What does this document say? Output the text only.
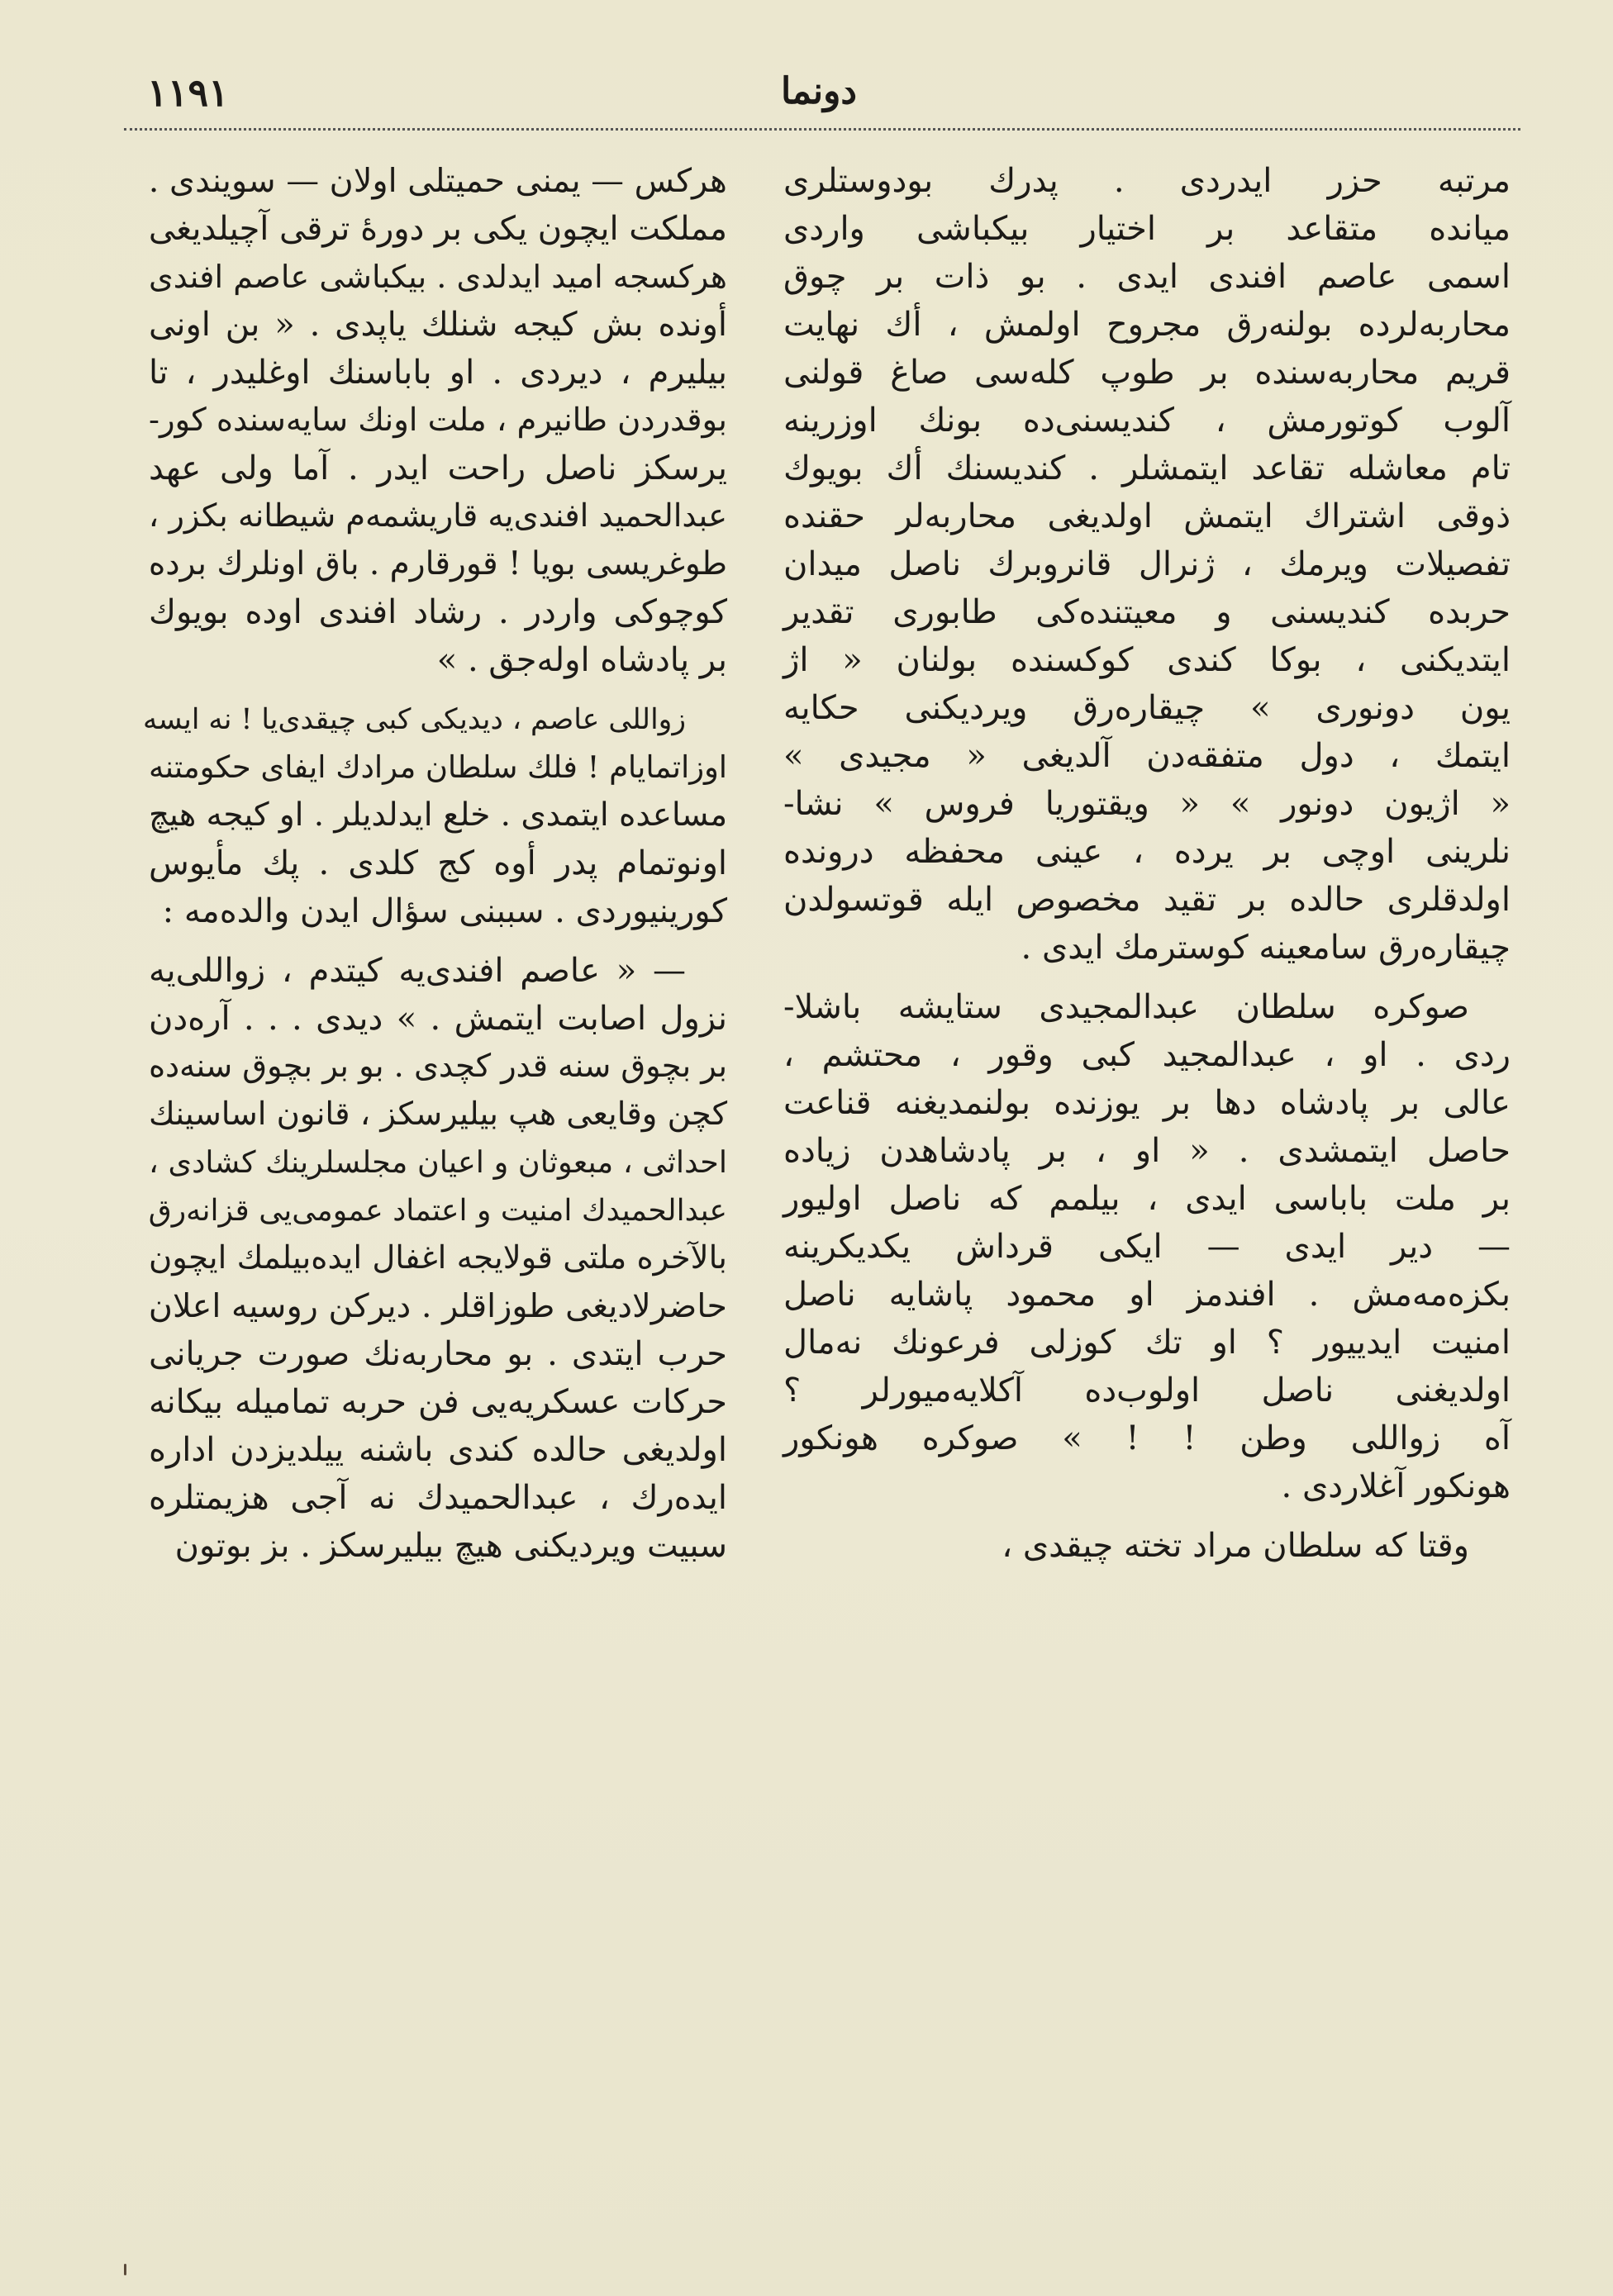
١١٩١	دونما
مرتبه حزر ایدردی . پدرك بودوستلری
میانده متقاعد بر اختیار بیکباشی واردی
اسمی عاصم افندی ایدی . بو ذات بر چوق
محاربه‌لرده بولنه‌رق مجروح اولمش ، أك نهایت
قریم محاربه‌سنده بر طوپ کله‌سی صاغ قولنی
آلوب کوتورمش ، کندیسنی‌ده بونك اوزرینه
تام معاشله تقاعد ایتمشلر . کندیسنك أك بویوك
ذوقی اشتراك ایتمش اولدیغی محاربه‌لر حقنده
تفصیلات ویرمك ، ژنرال قانروبرك ناصل میدان
حربده کندیسنی و معیتنده‌کی طابوری تقدیر
ایتدیکنی ، بوکا کندی کوکسنده بولنان « اژ
یون دونوری » چیقاره‌رق ویردیکنی حکایه
ایتمك ، دول متفقه‌دن آلدیغی « مجیدی »
« اژیون دونور » « ویقتوریا فروس » نشا-
نلرینی اوچی بر یرده ، عینی محفظه درونده
اولدقلری حالده بر تقید مخصوص ایله قوتسولدن
چیقاره‌رق سامعینه کوسترمك ایدی .
صوکره سلطان عبدالمجیدی ستایشه باشلا-
ردی . او ، عبدالمجید کبی وقور ، محتشم ،
عالی بر پادشاه دها بر یوزنده بولنمدیغنه قناعت
حاصل ایتمشدی . « او ، بر پادشاهدن زیاده
بر ملت باباسی ایدی ، بیلمم که ناصل اولیور
— دیر ایدی — ایکی قرداش یکدیکرینه
بکزه‌مه‌مش . افندمز او محمود پاشایه ناصل
امنیت ایدییور ؟ او تك کوزلی فرعونك نه‌مال
اولدیغنی ناصل اولوب‌ده آکلایه‌میورلر ؟
آه زواللی وطن ! ! » صوکره هونکور
هونکور آغلاردی .
وقتا که سلطان مراد تخته چیقدی ،
هرکس — یمنی حمیتلی اولان — سویندی .
مملکت ایچون یکی بر دورهٔ ترقی آچیلدیغی
هرکسجه امید ایدلدی . بیکباشی عاصم افندی
أونده بش کیجه شنلك یاپدی . « بن اونی
بیلیرم ، دیردی . او باباسنك اوغلیدر ، تا
بوقدردن طانیرم ، ملت اونك سایه‌سنده کور-
یرسکز ناصل راحت ایدر . آما ولی عهد
عبدالحمید افندی‌یه قاریشمه‌م شیطانه بکزر ،
طوغریسی بویا ! قورقارم . باق اونلرك برده
کوچوکی واردر . رشاد افندی اوده بویوك
بر پادشاه اوله‌جق . »
زواللی عاصم ، دیدیکی کبی چیقدی‌یا ! نه ایسه
اوزاتمایام ! فلك سلطان مرادك ایفای حکومتنه
مساعده ایتمدی . خلع ایدلدیلر . او کیجه هیچ
اونوتمام پدر أوه کج کلدی . پك مأیوس
کورینیوردی . سببنی سؤال ایدن والده‌مه :
— « عاصم افندی‌یه کیتدم ، زواللی‌یه
نزول اصابت ایتمش . » دیدی . . . آره‌دن
بر بچوق سنه قدر کچدی . بو بر بچوق سنه‌ده
کچن وقایعی هپ بیلیرسکز ، قانون اساسینك
احداثی ، مبعوثان و اعیان مجلسلرینك کشادی ،
عبدالحمیدك امنیت و اعتماد عمومی‌یی قزانه‌رق
بالآخره ملتی قولایجه اغفال ایده‌بیلمك ایچون
حاضرلادیغی طوزاقلر . دیرکن روسیه اعلان
حرب ایتدی . بو محاربه‌نك صورت جریانی
حرکات عسکریه‌یی فن حربه تمامیله بیکانه
اولدیغی حالده کندی باشنه ییلدیزدن اداره
ایده‌رك ، عبدالحمیدك نه آجی هزیمتلره
سبیت ویردیکنی هیچ بیلیرسکز . بز بوتون
